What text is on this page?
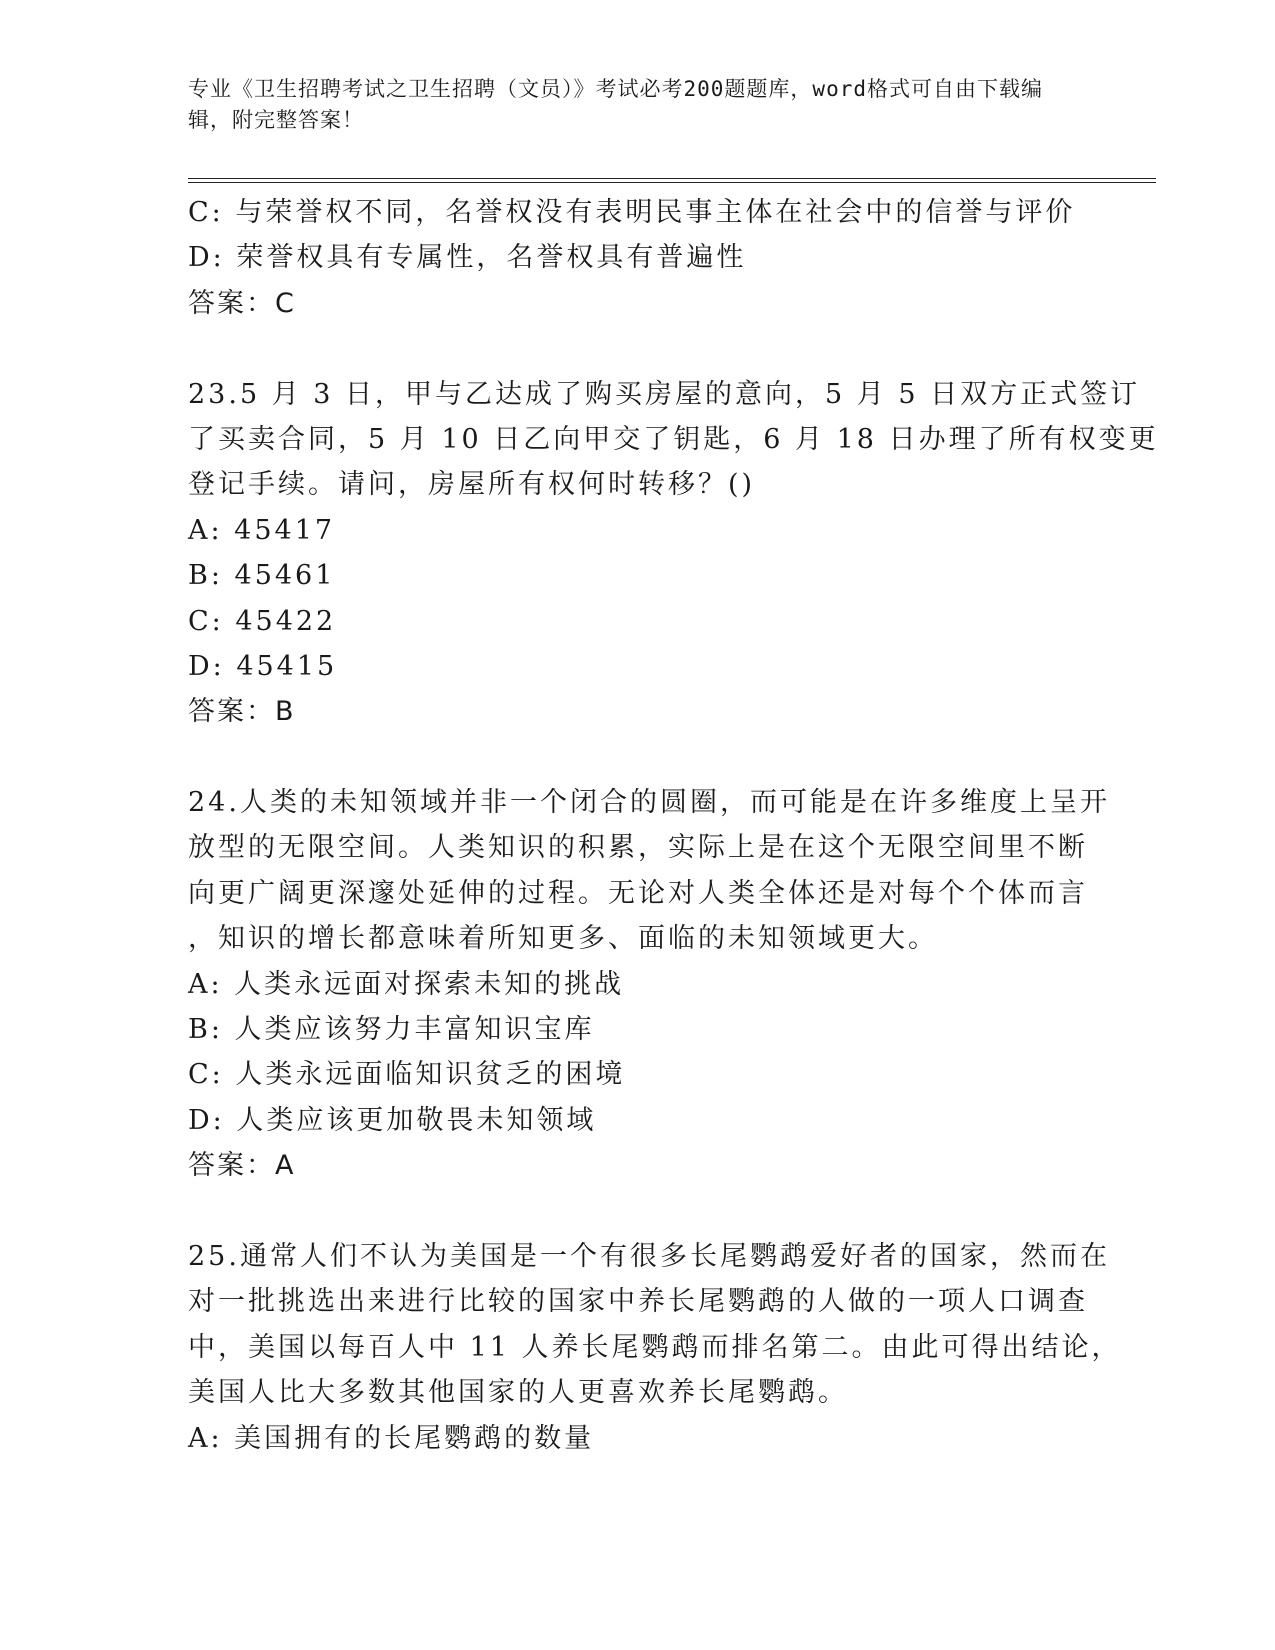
专业《卫生招聘考试之卫生招聘（文员）》考试必考200题题库，word格式可自由下载编辑，附完整答案！
C: 与荣誉权不同，名誉权没有表明民事主体在社会中的信誉与评价
D: 荣誉权具有专属性，名誉权具有普遍性
答案：C
23.5 月 3 日，甲与乙达成了购买房屋的意向，5 月 5 日双方正式签订
了买卖合同，5 月 10 日乙向甲交了钥匙，6 月 18 日办理了所有权变更
登记手续。请问，房屋所有权何时转移？()
A: 45417
B: 45461
C: 45422
D: 45415
答案：B
24.人类的未知领域并非一个闭合的圆圈，而可能是在许多维度上呈开
放型的无限空间。人类知识的积累，实际上是在这个无限空间里不断
向更广阔更深邃处延伸的过程。无论对人类全体还是对每个个体而言
，知识的增长都意味着所知更多、面临的未知领域更大。
A: 人类永远面对探索未知的挑战
B: 人类应该努力丰富知识宝库
C: 人类永远面临知识贫乏的困境
D: 人类应该更加敬畏未知领域
答案：A
25.通常人们不认为美国是一个有很多长尾鹦鹉爱好者的国家，然而在
对一批挑选出来进行比较的国家中养长尾鹦鹉的人做的一项人口调查
中，美国以每百人中 11 人养长尾鹦鹉而排名第二。由此可得出结论，
美国人比大多数其他国家的人更喜欢养长尾鹦鹉。
A: 美国拥有的长尾鹦鹉的数量
